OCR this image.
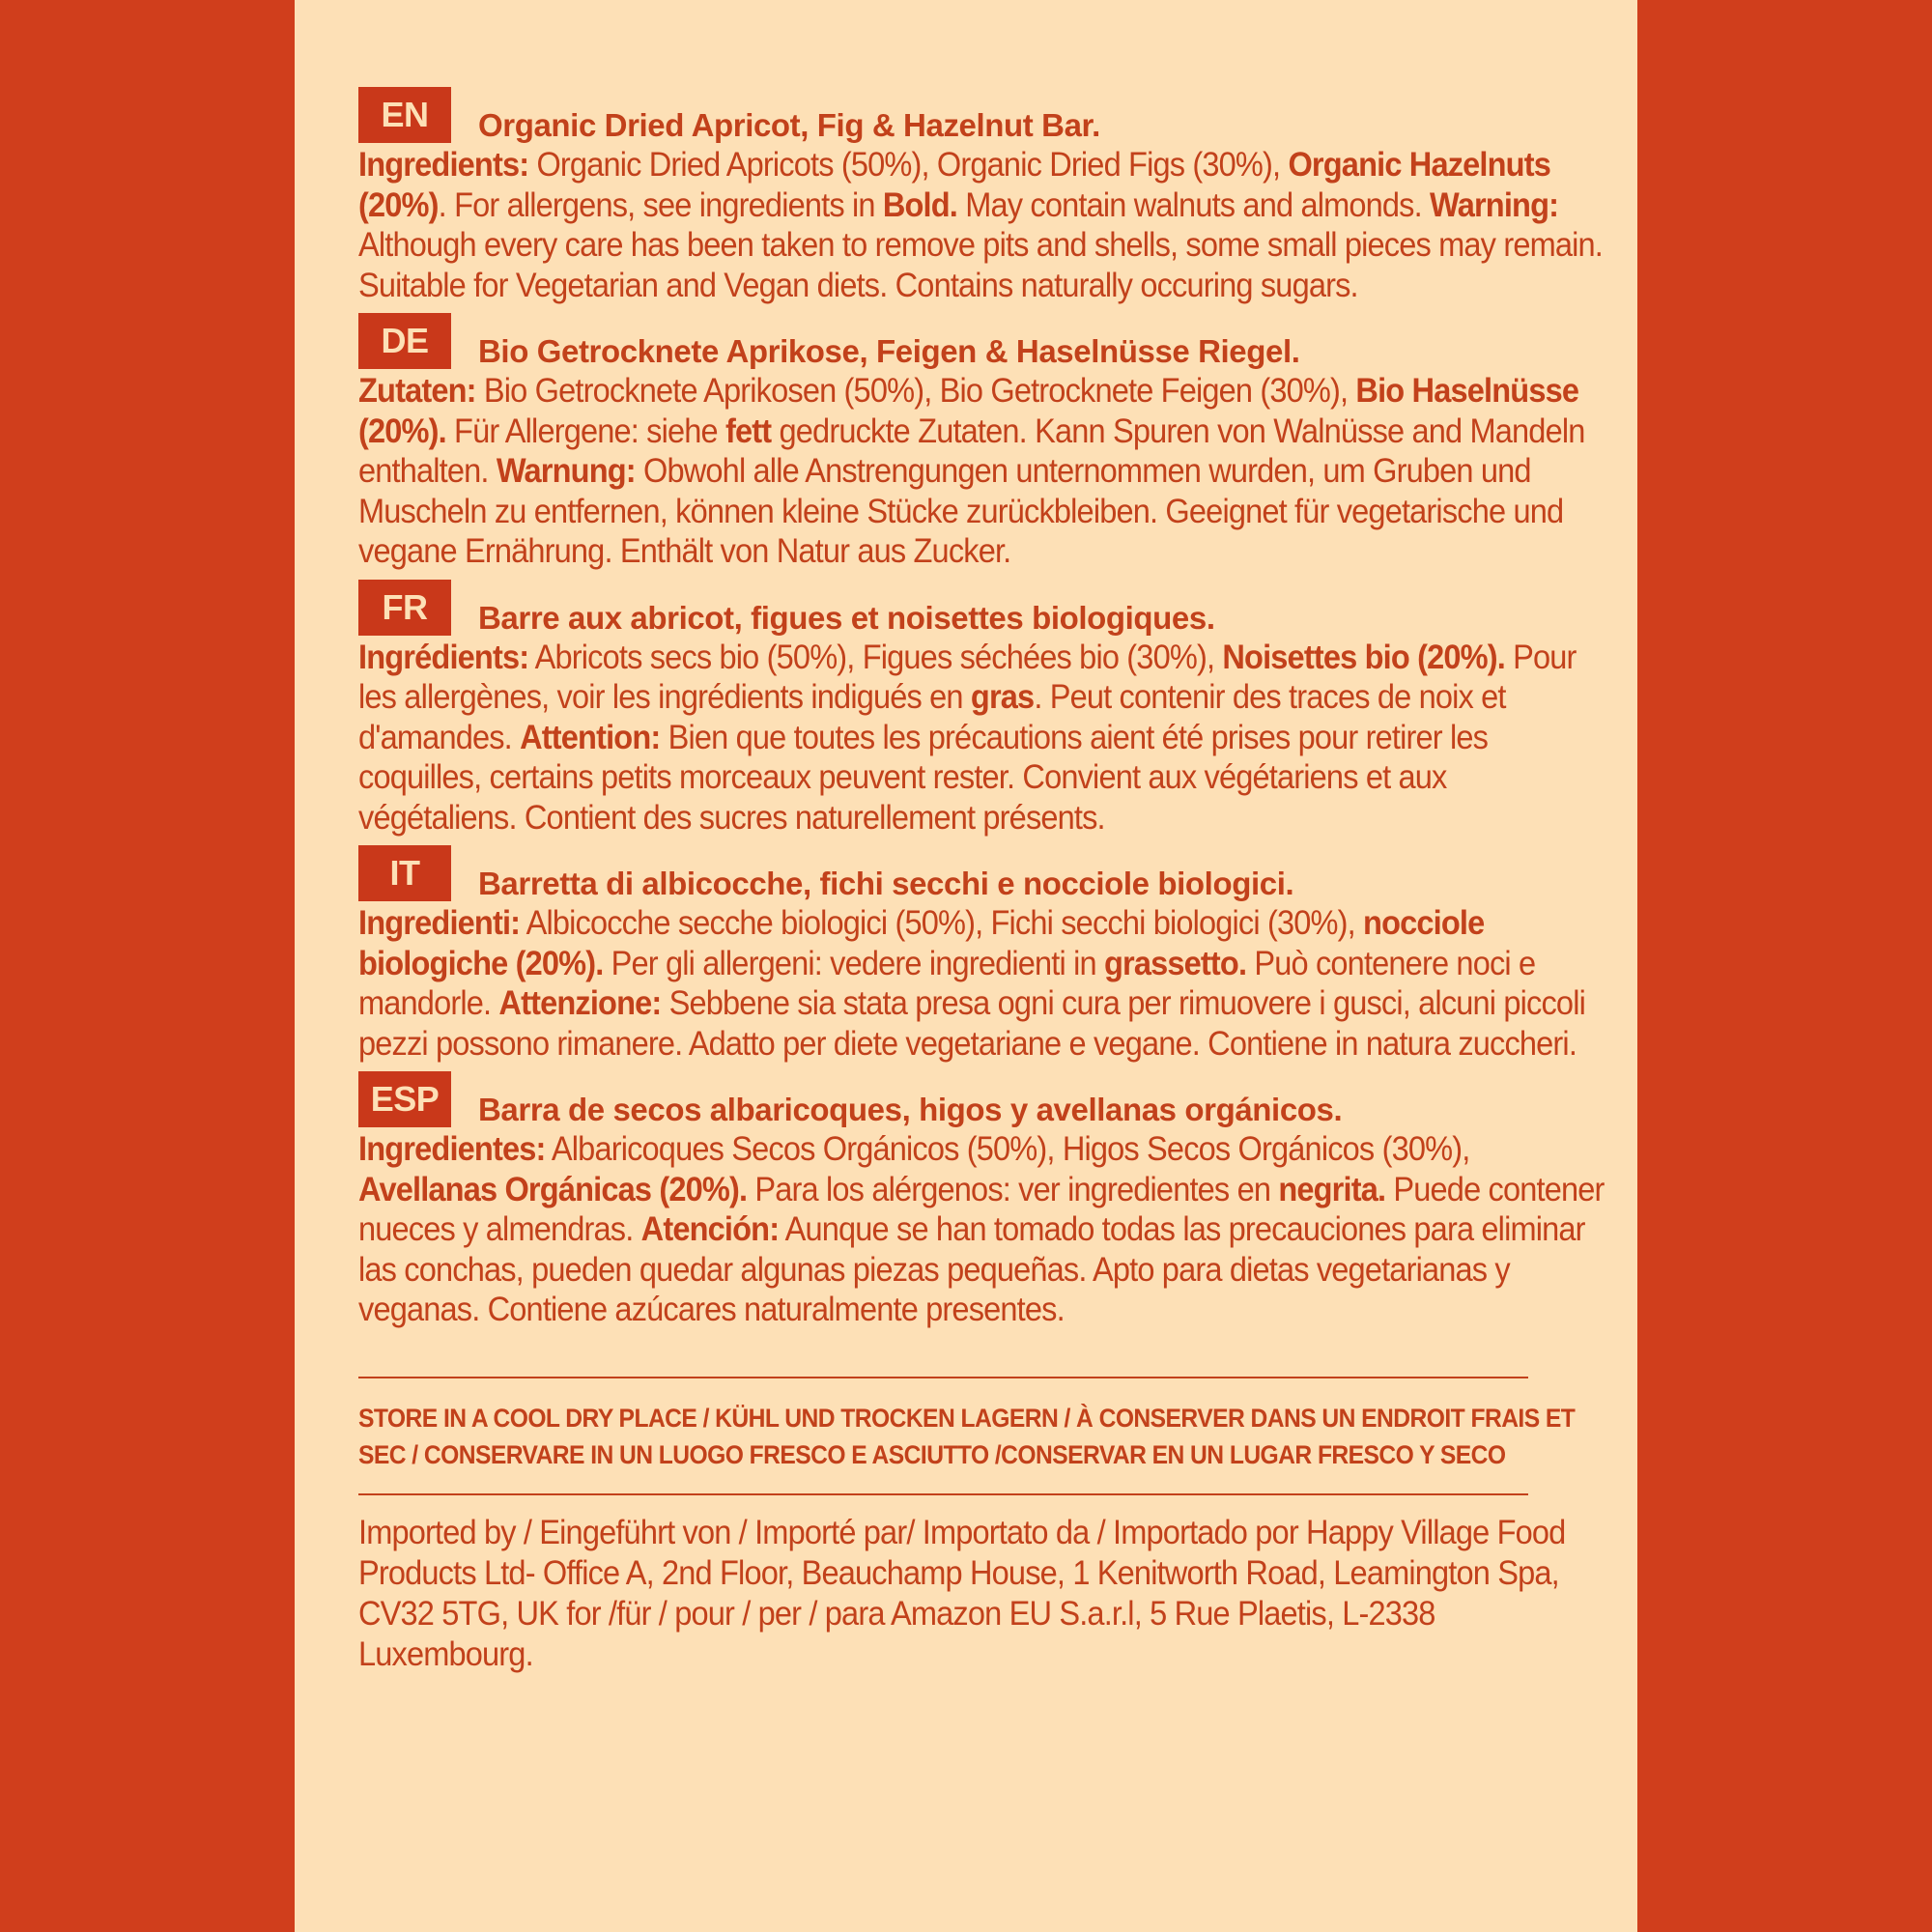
EN	Organic Dried Apricot, Fig & Hazelnut Bar.
Ingredients: Organic Dried Apricots (50%), Organic Dried Figs (30%), Organic Hazelnuts (20%). For allergens, see ingredients in Bold. May contain walnuts and almonds. Warning: Although every care has been taken to remove pits and shells, some small pieces may remain. Suitable for Vegetarian and Vegan diets. Contains naturally occuring sugars.
DE	Bio Getrocknete Aprikose, Feigen & Haselnüsse Riegel.
Zutaten: Bio Getrocknete Aprikosen (50%), Bio Getrocknete Feigen (30%), Bio Haselnüsse (20%). Für Allergene: siehe fett gedruckte Zutaten. Kann Spuren von Walnüsse and Mandeln enthalten. Warnung: Obwohl alle Anstrengungen unternommen wurden, um Gruben und Muscheln zu entfernen, können kleine Stücke zurückbleiben. Geeignet für vegetarische und vegane Ernährung. Enthält von Natur aus Zucker.
FR	Barre aux abricot, figues et noisettes biologiques.
Ingrédients: Abricots secs bio (50%), Figues séchées bio (30%), Noisettes bio (20%). Pour les allergènes, voir les ingrédients indigués en gras. Peut contenir des traces de noix et d'amandes. Attention: Bien que toutes les précautions aient été prises pour retirer les coquilles, certains petits morceaux peuvent rester. Convient aux végétariens et aux végétaliens. Contient des sucres naturellement présents.
IT	Barretta di albicocche, fichi secchi e nocciole biologici.
Ingredienti: Albicocche secche biologici (50%), Fichi secchi biologici (30%), nocciole biologiche (20%). Per gli allergeni: vedere ingredienti in grassetto. Può contenere noci e mandorle. Attenzione: Sebbene sia stata presa ogni cura per rimuovere i gusci, alcuni piccoli pezzi possono rimanere. Adatto per diete vegetariane e vegane. Contiene in natura zuccheri.
ESP	Barra de secos albaricoques, higos y avellanas orgánicos.
Ingredientes: Albaricoques Secos Orgánicos (50%), Higos Secos Orgánicos (30%), Avellanas Orgánicas (20%). Para los alérgenos: ver ingredientes en negrita. Puede contener nueces y almendras. Atención: Aunque se han tomado todas las precauciones para eliminar las conchas, pueden quedar algunas piezas pequeñas. Apto para dietas vegetarianas y veganas. Contiene azúcares naturalmente presentes.
STORE IN A COOL DRY PLACE / KÜHL UND TROCKEN LAGERN / À CONSERVER DANS UN ENDROIT FRAIS ET SEC / CONSERVARE IN UN LUOGO FRESCO E ASCIUTTO /CONSERVAR EN UN LUGAR FRESCO Y SECO
Imported by / Eingeführt von / Importé par/ Importato da / Importado por Happy Village Food Products Ltd- Office A, 2nd Floor, Beauchamp House, 1 Kenitworth Road, Leamington Spa, CV32 5TG, UK for /für / pour / per / para Amazon EU S.a.r.l, 5 Rue Plaetis, L-2338 Luxembourg.
